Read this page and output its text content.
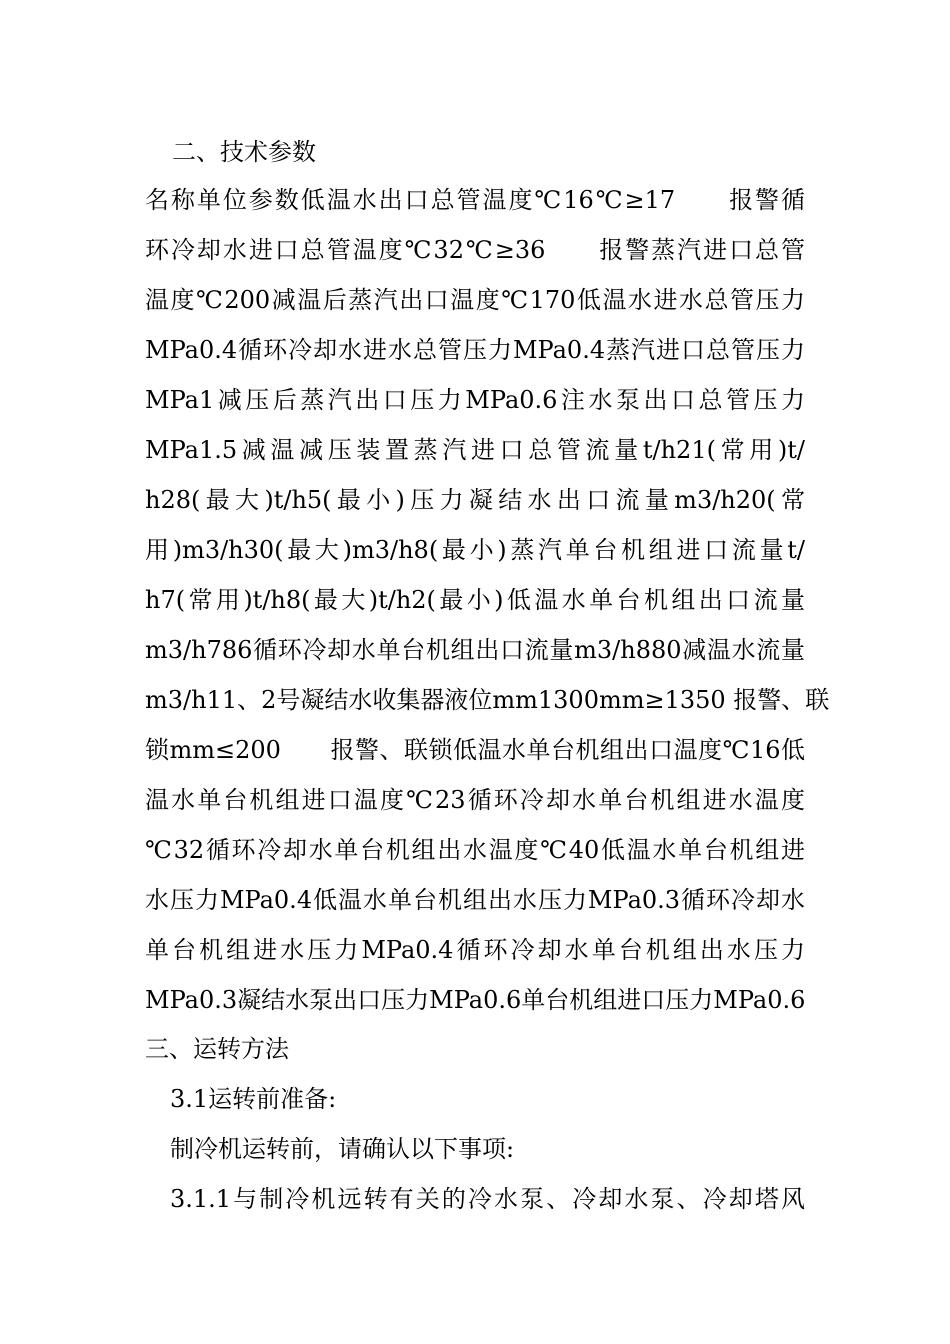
二、技术参数
名称单位参数低温水出口总管温度℃16℃≥17　　报警循
环冷却水进口总管温度℃32℃≥36　　报警蒸汽进口总管
温度℃200减温后蒸汽出口温度℃170低温水进水总管压力
MPa0.4循环冷却水进水总管压力MPa0.4蒸汽进口总管压力
MPa1减压后蒸汽出口压力MPa0.6注水泵出口总管压力
MPa1.5减温减压装置蒸汽进口总管流量t/h21(常用)t/
h28(最大)t/h5(最小)压力凝结水出口流量m3/h20(常
用)m3/h30(最大)m3/h8(最小)蒸汽单台机组进口流量t/
h7(常用)t/h8(最大)t/h2(最小)低温水单台机组出口流量
m3/h786循环冷却水单台机组出口流量m3/h880减温水流量
m3/h11、2号凝结水收集器液位mm1300mm≥1350 报警、联
锁mm≤200　　报警、联锁低温水单台机组出口温度℃16低
温水单台机组进口温度℃23循环冷却水单台机组进水温度
℃32循环冷却水单台机组出水温度℃40低温水单台机组进
水压力MPa0.4低温水单台机组出水压力MPa0.3循环冷却水
单台机组进水压力MPa0.4循环冷却水单台机组出水压力
MPa0.3凝结水泵出口压力MPa0.6单台机组进口压力MPa0.6
三、运转方法
3.1运转前准备:
制冷机运转前，请确认以下事项:
3.1.1与制冷机远转有关的冷水泵、冷却水泵、冷却塔风
